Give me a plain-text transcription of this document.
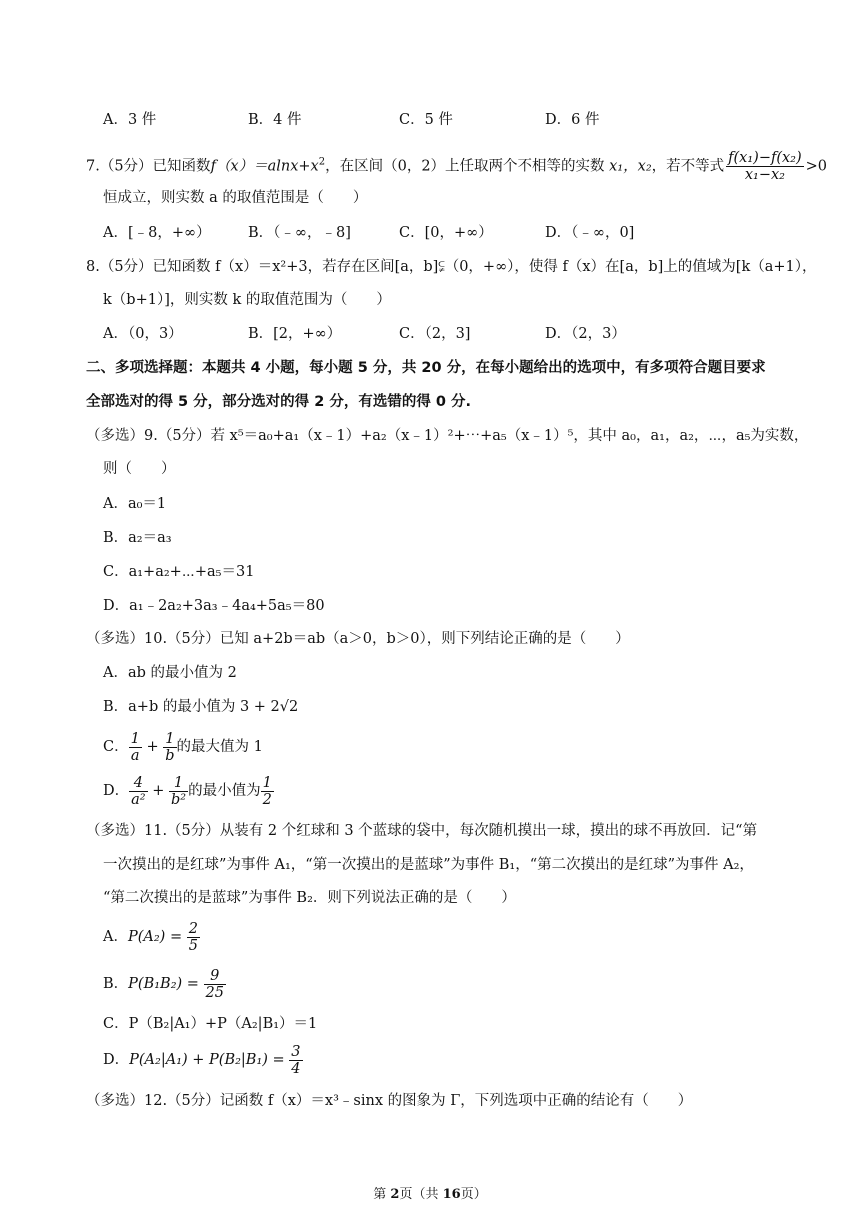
A．3 件	B．4 件	C．5 件	D．6 件
7.（5分）已知函数$f(x)=alnx+x^2$，在区间（0，2）上任取两个不相等的实数 x₁，x₂，若不等式 $\frac{\text{f(x₁)−f(x₂)}}{\text{x₁−x₂}} >0$
恒成立，则实数 a 的取值范围是（　　）
A．[﹣8，+∞）	B．（﹣∞，﹣8]	C．[0，+∞）	D．（﹣∞，0]
8.（5分）已知函数 f（x）＝x²+3，若存在区间[a，b]⫋（0，+∞），使得 f（x）在[a，b]上的值域为[k（a+1），
k（b+1）]，则实数 k 的取值范围为（　　）
A．（0，3）	B．[2，+∞）	C．（2，3]	D．（2，3）
二、多项选择题：本题共 4 小题，每小题 5 分，共 20 分，在每小题给出的选项中，有多项符合题目要求
全部选对的得 5 分，部分选对的得 2 分，有选错的得 0 分.
（多选）9.（5分）若 x⁵＝a₀+a₁（x﹣1）+a₂（x﹣1）²+⋯+a₅（x﹣1）⁵，其中 a₀，a₁，a₂，⋯，a₅为实数，
则（　　）
A．a₀＝1
B．a₂＝a₃
C．a₁+a₂+⋯+a₅＝31
D．a₁﹣2a₂+3a₃﹣4a₄+5a₅＝80
（多选）10.（5分）已知 a+2b＝ab（a＞0，b＞0），则下列结论正确的是（　　）
A．ab 的最小值为 2
B．a+b 的最小值为 3 + 2√2
C． $\frac{1}{a} + \frac{1}{b}$ 的最大值为 1
D． $\frac{4}{\text{a²}} + \frac{1}{\text{b²}}$ 的最小值为 $\frac{1}{2}$
（多选）11.（5分）从装有 2 个红球和 3 个蓝球的袋中，每次随机摸出一球，摸出的球不再放回．记“第
一次摸出的是红球”为事件 A₁，“第一次摸出的是蓝球”为事件 B₁，“第二次摸出的是红球”为事件 A₂，
“第二次摸出的是蓝球”为事件 B₂．则下列说法正确的是（　　）
A．$P(A_2) = \frac{2}{5}$
B．$P(B_1B_2) = \frac{9}{25}$
C．P（B₂|A₁）+P（A₂|B₁）＝1
D．$P(A_2|A_1) + P(B_2|B_1) = \frac{3}{4}$
（多选）12.（5分）记函数 f（x）＝x³﹣sinx 的图象为 Γ，下列选项中正确的结论有（　　）
第 2页（共 16页）
